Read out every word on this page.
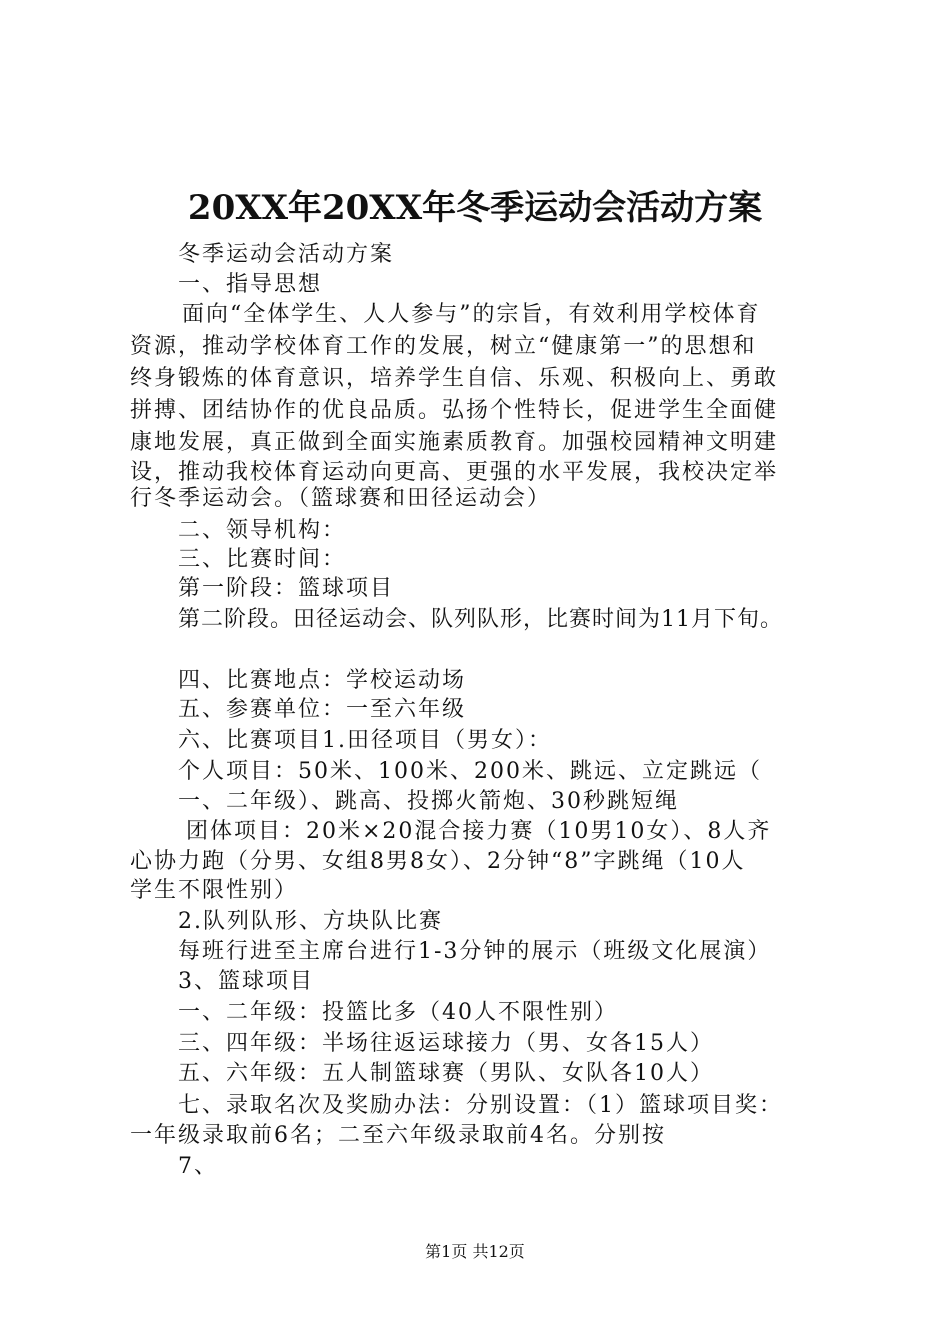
20XX年20XX年冬季运动会活动方案
冬季运动会活动方案
一、指导思想
面向“全体学生、人人参与”的宗旨，有效利用学校体育
资源，推动学校体育工作的发展，树立“健康第一”的思想和
终身锻炼的体育意识，培养学生自信、乐观、积极向上、勇敢
拼搏、团结协作的优良品质。弘扬个性特长，促进学生全面健
康地发展，真正做到全面实施素质教育。加强校园精神文明建
设，推动我校体育运动向更高、更强的水平发展，我校决定举
行冬季运动会。（篮球赛和田径运动会）
二、领导机构：
三、比赛时间：
第一阶段：篮球项目
第二阶段。田径运动会、队列队形，比赛时间为11月下旬。
四、比赛地点：学校运动场
五、参赛单位：一至六年级
六、比赛项目1.田径项目（男女）：
个人项目：50米、100米、200米、跳远、立定跳远（
一、二年级）、跳高、投掷火箭炮、30秒跳短绳
团体项目：20米×20混合接力赛（10男10女）、8人齐
心协力跑（分男、女组8男8女）、2分钟“8”字跳绳（10人
学生不限性别）
2.队列队形、方块队比赛
每班行进至主席台进行1-3分钟的展示（班级文化展演）
3、篮球项目
一、二年级：投篮比多（40人不限性别）
三、四年级：半场往返运球接力（男、女各15人）
五、六年级：五人制篮球赛（男队、女队各10人）
七、录取名次及奖励办法：分别设置：（1）篮球项目奖：
一年级录取前6名；二至六年级录取前4名。分别按
7、
第1页 共12页
